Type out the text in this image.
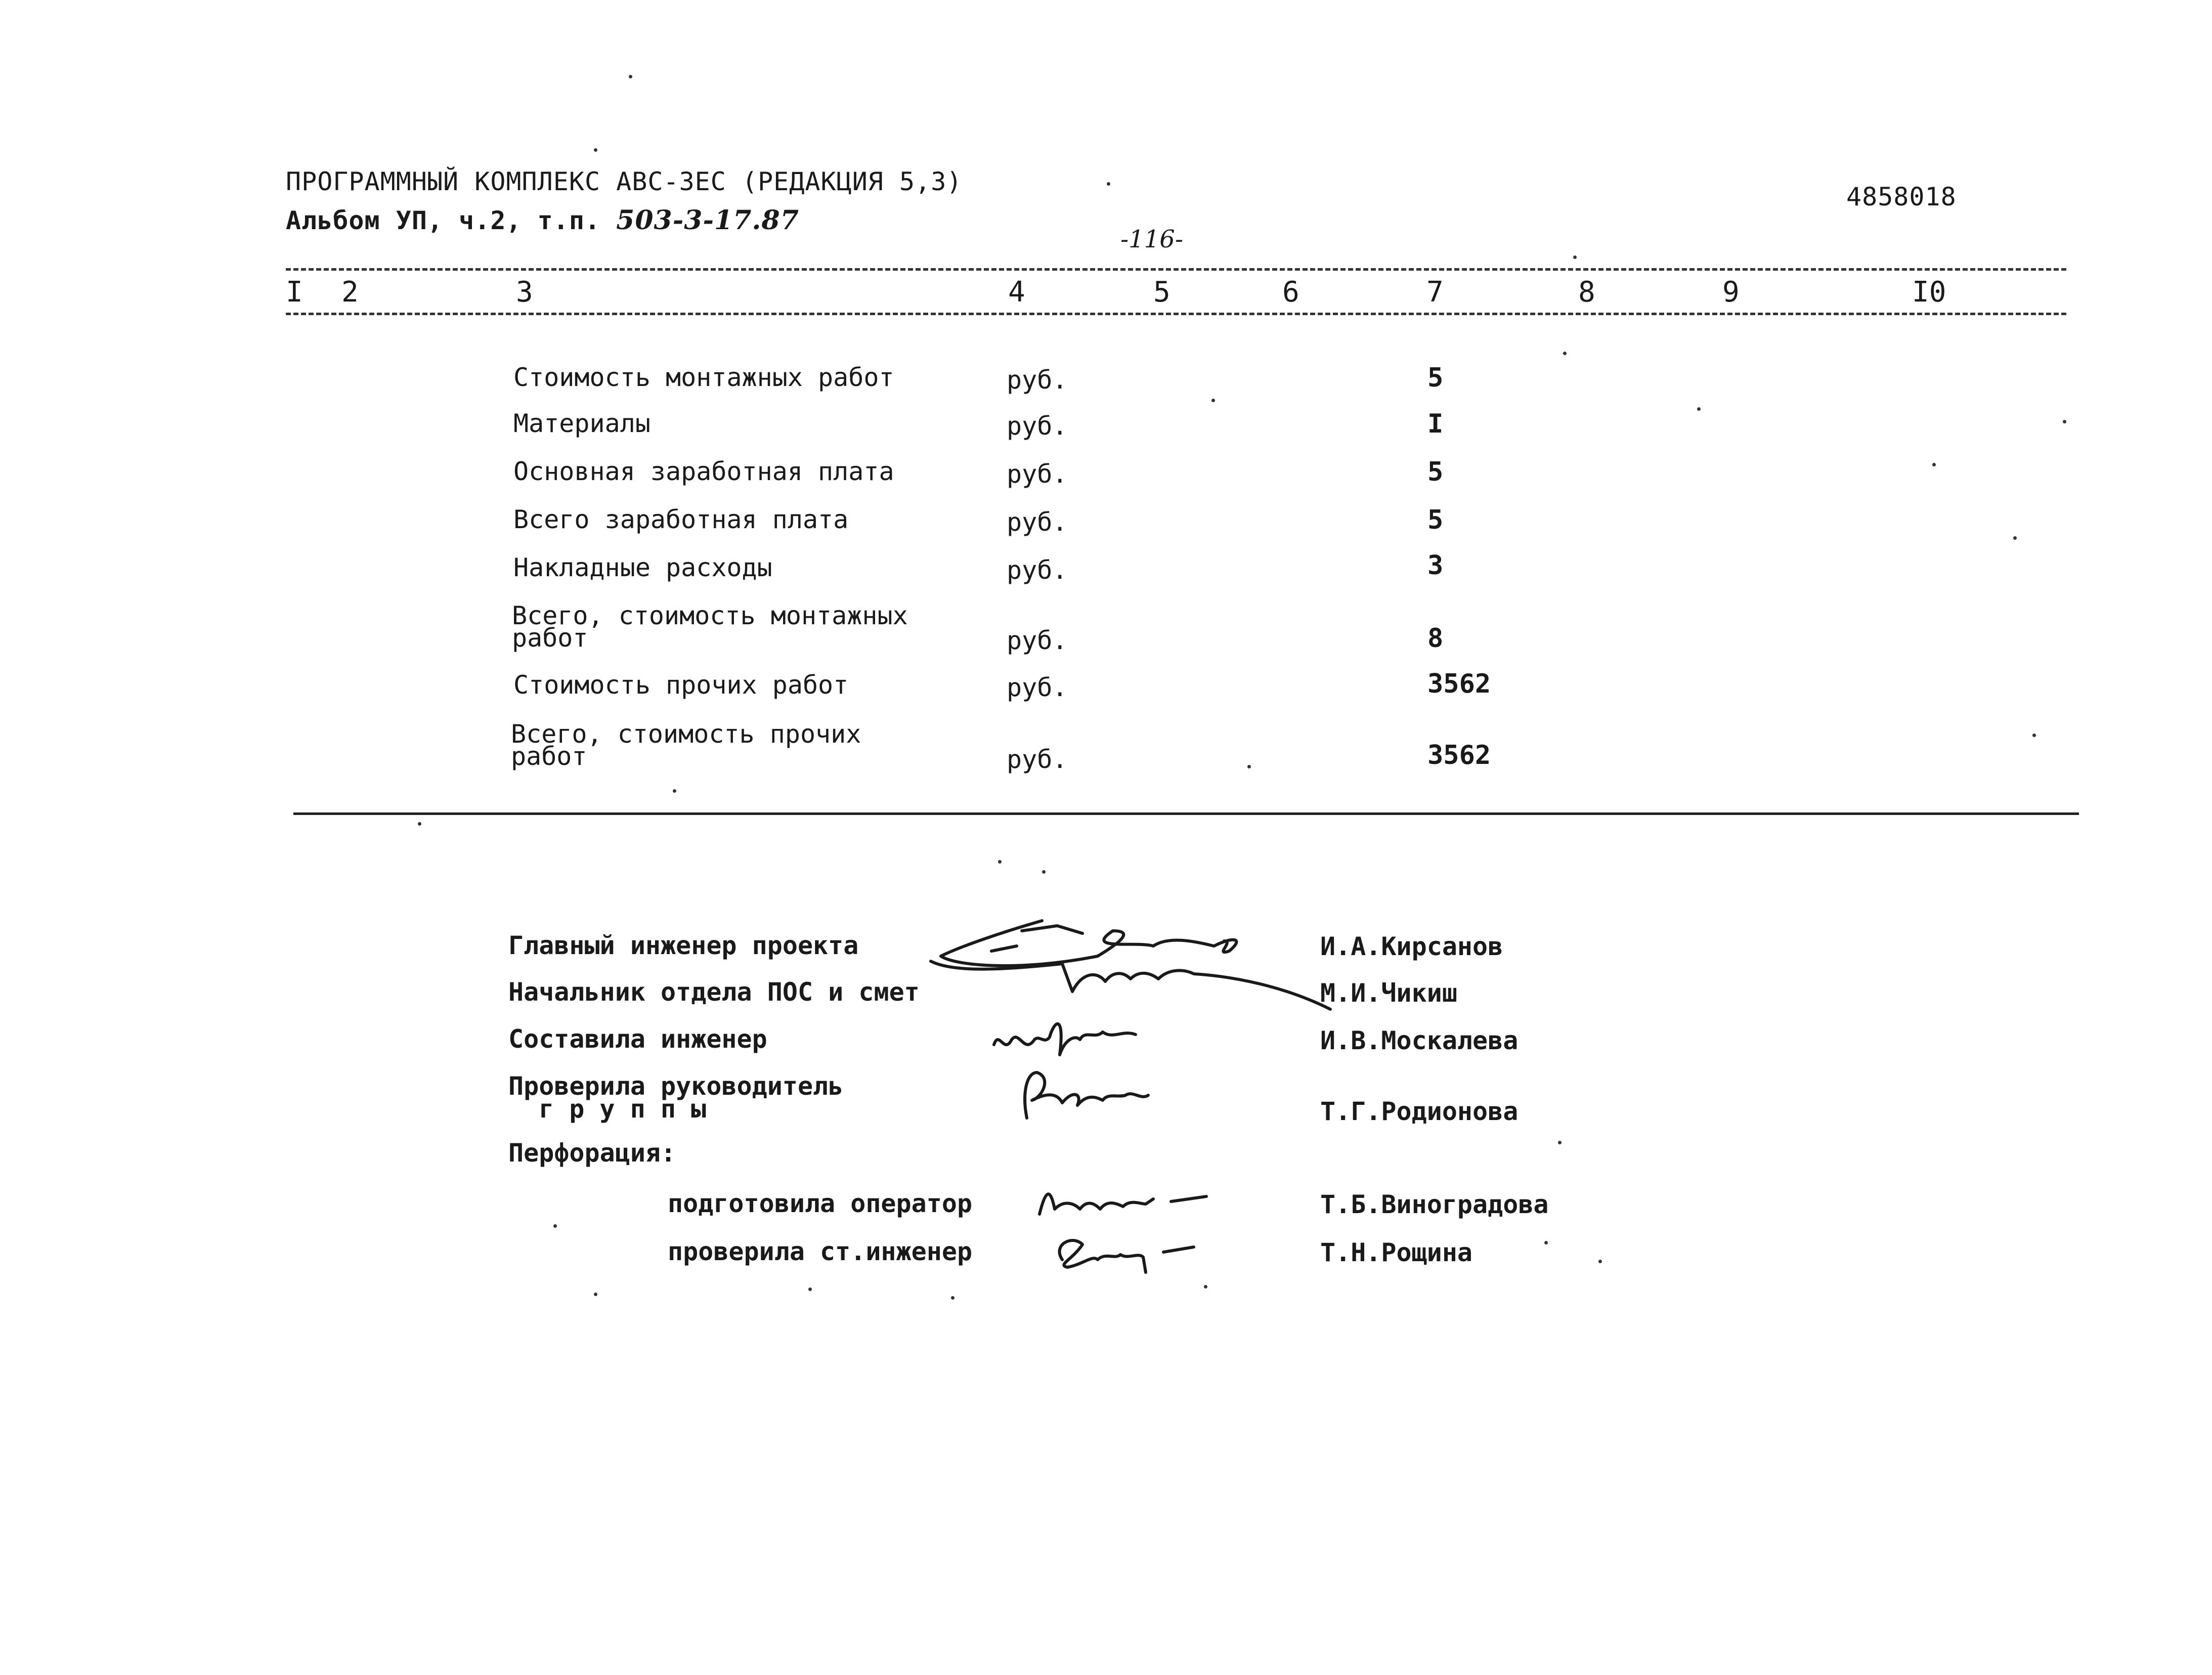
ПРОГРАММНЫЙ КОМПЛЕКС АВС-3ЕС (РЕДАКЦИЯ 5,3)
Альбом УП, ч.2, т.п. 503-3-17.87
4858018
-116-
I 2	3	4	5	6	7	8	9	I0
Стоимость монтажных работ	руб.	5
Материалы	руб.	I
Основная заработная плата	руб.	5
Всего заработная плата	руб.	5
Накладные расходы	руб.	3
Всего, стоимость монтажных
работ	руб.	8
Стоимость прочих работ	руб.	3562
Всего, стоимость прочих
работ	руб.	3562
Главный инженер проекта	И.А.Кирсанов
Начальник отдела ПОС и смет	М.И.Чикиш
Составила инженер	И.В.Москалева
Проверила руководитель
г р у п п ы	Т.Г.Родионова
Перфорация:
подготовила оператор	Т.Б.Виноградова
проверила ст.инженер	Т.Н.Рощина
